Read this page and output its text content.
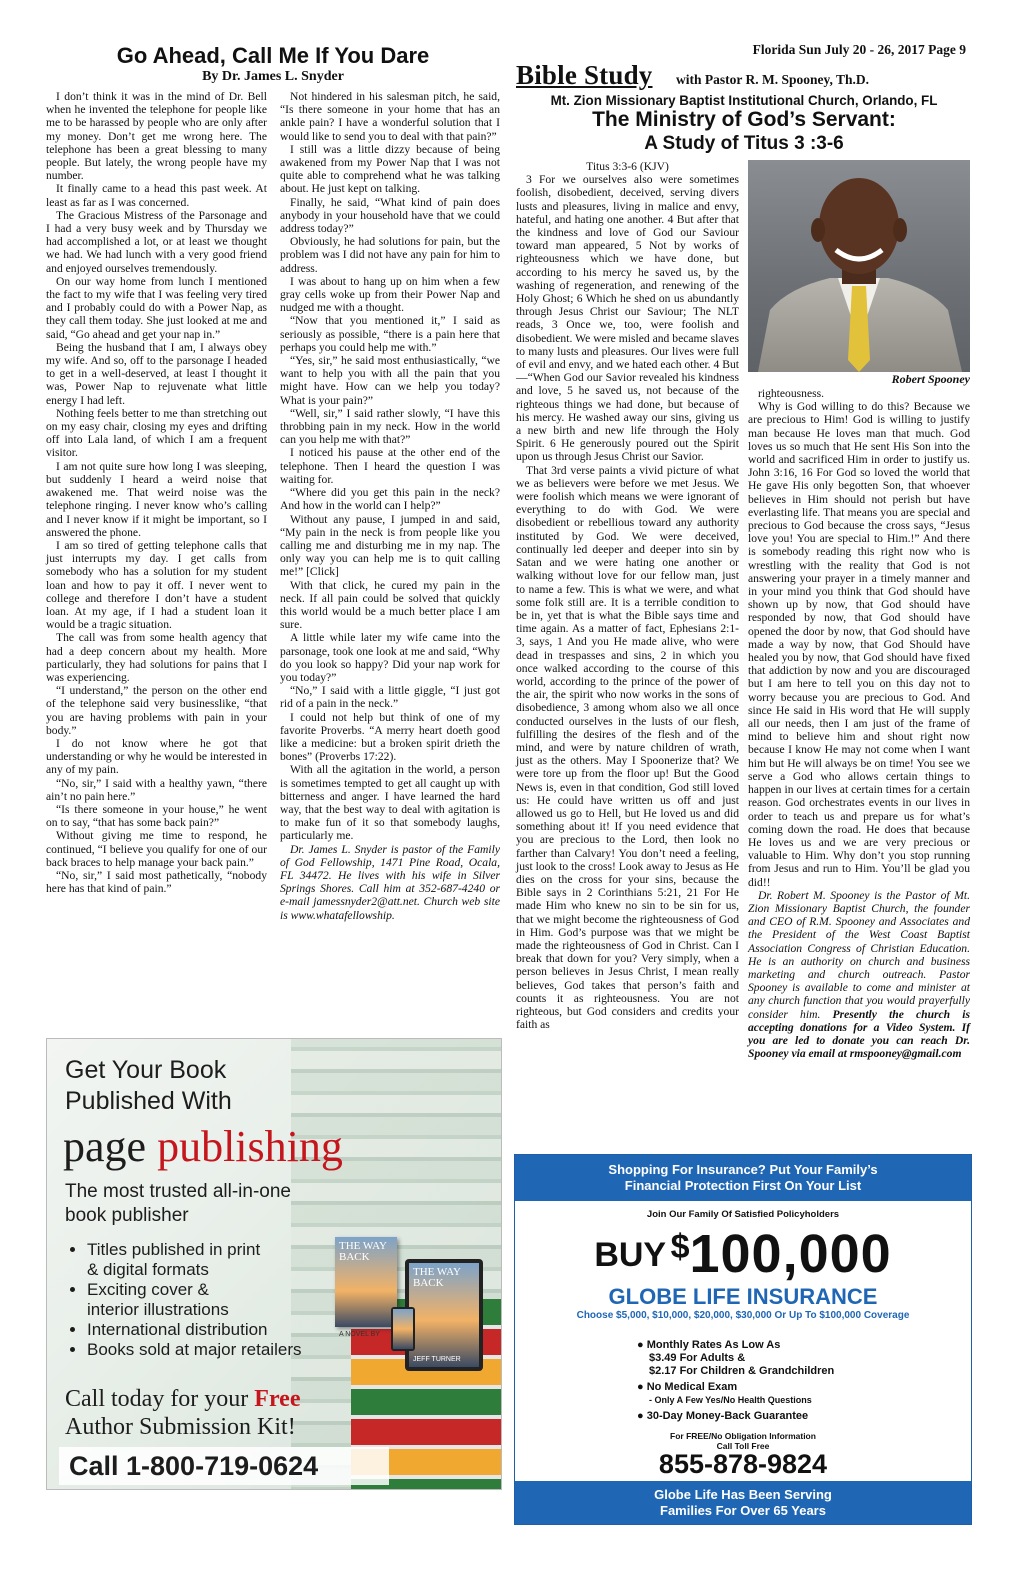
Florida Sun July 20 - 26, 2017 Page 9
Go Ahead, Call Me If You Dare
By Dr. James L. Snyder

I don’t think it was in the mind of Dr. Bell when he invented the telephone for people like me to be harassed by people who are only after my money. Don’t get me wrong here. The telephone has been a great blessing to many people. But lately, the wrong people have my number.

It finally came to a head this past week. At least as far as I was concerned.

The Gracious Mistress of the Parsonage and I had a very busy week and by Thursday we had accomplished a lot, or at least we thought we had. We had lunch with a very good friend and enjoyed ourselves tremendously.

On our way home from lunch I mentioned the fact to my wife that I was feeling very tired and I probably could do with a Power Nap, as they call them today. She just looked at me and said, “Go ahead and get your nap in.”

Being the husband that I am, I always obey my wife. And so, off to the parsonage I headed to get in a well-deserved, at least I thought it was, Power Nap to rejuvenate what little energy I had left.

Nothing feels better to me than stretching out on my easy chair, closing my eyes and drifting off into Lala land, of which I am a frequent visitor.

I am not quite sure how long I was sleeping, but suddenly I heard a weird noise that awakened me. That weird noise was the telephone ringing. I never know who’s calling and I never know if it might be important, so I answered the phone.

I am so tired of getting telephone calls that just interrupts my day. I get calls from somebody who has a solution for my student loan and how to pay it off. I never went to college and therefore I don’t have a student loan. At my age, if I had a student loan it would be a tragic situation.

The call was from some health agency that had a deep concern about my health. More particularly, they had solutions for pains that I was experiencing.

“I understand,” the person on the other end of the telephone said very businesslike, “that you are having problems with pain in your body.”

I do not know where he got that understanding or why he would be interested in any of my pain.

“No, sir,” I said with a healthy yawn, “there ain’t no pain here.”

“Is there someone in your house,” he went on to say, “that has some back pain?”

Without giving me time to respond, he continued, “I believe you qualify for one of our back braces to help manage your back pain.”

“No, sir,” I said most pathetically, “nobody here has that kind of pain.”

Not hindered in his salesman pitch, he said, “Is there someone in your home that has an ankle pain? I have a wonderful solution that I would like to send you to deal with that pain?”

I still was a little dizzy because of being awakened from my Power Nap that I was not quite able to comprehend what he was talking about. He just kept on talking.

Finally, he said, “What kind of pain does anybody in your household have that we could address today?”

Obviously, he had solutions for pain, but the problem was I did not have any pain for him to address.

I was about to hang up on him when a few gray cells woke up from their Power Nap and nudged me with a thought.

“Now that you mentioned it,” I said as seriously as possible, “there is a pain here that perhaps you could help me with.”

“Yes, sir,” he said most enthusiastically, “we want to help you with all the pain that you might have. How can we help you today? What is your pain?”

“Well, sir,” I said rather slowly, “I have this throbbing pain in my neck. How in the world can you help me with that?”

I noticed his pause at the other end of the telephone. Then I heard the question I was waiting for.

“Where did you get this pain in the neck? And how in the world can I help?”

Without any pause, I jumped in and said, “My pain in the neck is from people like you calling me and disturbing me in my nap. The only way you can help me is to quit calling me!” [Click]

With that click, he cured my pain in the neck. If all pain could be solved that quickly this world would be a much better place I am sure.

A little while later my wife came into the parsonage, took one look at me and said, “Why do you look so happy? Did your nap work for you today?”

“No,” I said with a little giggle, “I just got rid of a pain in the neck.”

I could not help but think of one of my favorite Proverbs. “A merry heart doeth good like a medicine: but a broken spirit drieth the bones” (Proverbs 17:22).

With all the agitation in the world, a person is sometimes tempted to get all caught up with bitterness and anger. I have learned the hard way, that the best way to deal with agitation is to make fun of it so that somebody laughs, particularly me.

Dr. James L. Snyder is pastor of the Family of God Fellowship, 1471 Pine Road, Ocala, FL 34472. He lives with his wife in Silver Springs Shores. Call him at 352-687-4240 or e-mail jamessnyder2@att.net. Church web site is www.whatafellowship.

Bible Study with Pastor R. M. Spooney, Th.D.
Mt. Zion Missionary Baptist Institutional Church, Orlando, FL
The Ministry of God’s Servant:
A Study of Titus 3 :3-6
Titus 3:3-6 (KJV)

3 For we ourselves also were sometimes foolish, disobedient, deceived, serving divers lusts and pleasures, living in malice and envy, hateful, and hating one another. 4 But after that the kindness and love of God our Saviour toward man appeared, 5 Not by works of righteousness which we have done, but according to his mercy he saved us, by the washing of regeneration, and renewing of the Holy Ghost; 6 Which he shed on us abundantly through Jesus Christ our Saviour; The NLT reads, 3 Once we, too, were foolish and disobedient. We were misled and became slaves to many lusts and pleasures. Our lives were full of evil and envy, and we hated each other. 4 But—“When God our Savior revealed his kindness and love, 5 he saved us, not because of the righteous things we had done, but because of his mercy. He washed away our sins, giving us a new birth and new life through the Holy Spirit. 6 He generously poured out the Spirit upon us through Jesus Christ our Savior.

That 3rd verse paints a vivid picture of what we as believers were before we met Jesus. We were foolish which means we were ignorant of everything to do with God. We were disobedient or rebellious toward any authority instituted by God. We were deceived, continually led deeper and deeper into sin by Satan and we were hating one another or walking without love for our fellow man, just to name a few. This is what we were, and what some folk still are. It is a terrible condition to be in, yet that is what the Bible says time and time again. As a matter of fact, Ephesians 2:1-3, says, 1 And you He made alive, who were dead in trespasses and sins, 2 in which you once walked according to the course of this world, according to the prince of the power of the air, the spirit who now works in the sons of disobedience, 3 among whom also we all once conducted ourselves in the lusts of our flesh, fulfilling the desires of the flesh and of the mind, and were by nature children of wrath, just as the others. May I Spoonerize that? We were tore up from the floor up! But the Good News is, even in that condition, God still loved us: He could have written us off and just allowed us go to Hell, but He loved us and did something about it! If you need evidence that you are precious to the Lord, then look no farther than Calvary! You don’t need a feeling, just look to the cross! Look away to Jesus as He dies on the cross for your sins, because the Bible says in 2 Corinthians 5:21, 21 For He made Him who knew no sin to be sin for us, that we might become the righteousness of God in Him. God’s purpose was that we might be made the righteousness of God in Christ. Can I break that down for you? Very simply, when a person believes in Jesus Christ, I mean really believes, God takes that person’s faith and counts it as righteousness. You are not righteous, but God considers and credits your faith as

Robert Spooney

righteousness.

Why is God willing to do this? Because we are precious to Him! God is willing to justify man because He loves man that much. God loves us so much that He sent His Son into the world and sacrificed Him in order to justify us. John 3:16, 16 For God so loved the world that He gave His only begotten Son, that whoever believes in Him should not perish but have everlasting life. That means you are special and precious to God because the cross says, “Jesus love you! You are special to Him.!” And there is somebody reading this right now who is wrestling with the reality that God is not answering your prayer in a timely manner and in your mind you think that God should have shown up by now, that God should have responded by now, that God should have opened the door by now, that God should have made a way by now, that God Should have healed you by now, that God should have fixed that addiction by now and you are discouraged but I am here to tell you on this day not to worry because you are precious to God. And since He said in His word that He will supply all our needs, then I am just of the frame of mind to believe him and shout right now because I know He may not come when I want him but He will always be on time! You see we serve a God who allows certain things to happen in our lives at certain times for a certain reason. God orchestrates events in our lives in order to teach us and prepare us for what’s coming down the road. He does that because He loves us and we are very precious or valuable to Him. Why don’t you stop running from Jesus and run to Him. You’ll be glad you did!!

Dr. Robert M. Spooney is the Pastor of Mt. Zion Missionary Baptist Church, the founder and CEO of R.M. Spooney and Associates and the President of the West Coast Baptist Association Congress of Christian Education. He is an authority on church and business marketing and church outreach. Pastor Spooney is available to come and minister at any church function that you would prayerfully consider him. Presently the church is accepting donations for a Video System. If you are led to donate you can reach Dr. Spooney via email at rmspooney@gmail.com

Get Your Book
Published With
page publishing
The most trusted all-in-one
book publisher
• Titles published in print
& digital formats
• Exciting cover &
interior illustrations
• International distribution
• Books sold at major retailers
THE WAY BACK
THE WAY BACK
JEFF TURNER
A NOVEL BY
Call today for your Free
Author Submission Kit!
Call 1-800-719-0624
Shopping For Insurance? Put Your Family’s
Financial Protection First On Your List
Join Our Family Of Satisfied Policyholders
BUY $100,000
GLOBE LIFE INSURANCE
Choose $5,000, $10,000, $20,000, $30,000 Or Up To $100,000 Coverage
● Monthly Rates As Low As
$3.49 For Adults &
$2.17 For Children & Grandchildren
● No Medical Exam
- Only A Few Yes/No Health Questions
● 30-Day Money-Back Guarantee
For FREE/No Obligation Information
Call Toll Free
855-878-9824
Globe Life Has Been Serving
Families For Over 65 Years
